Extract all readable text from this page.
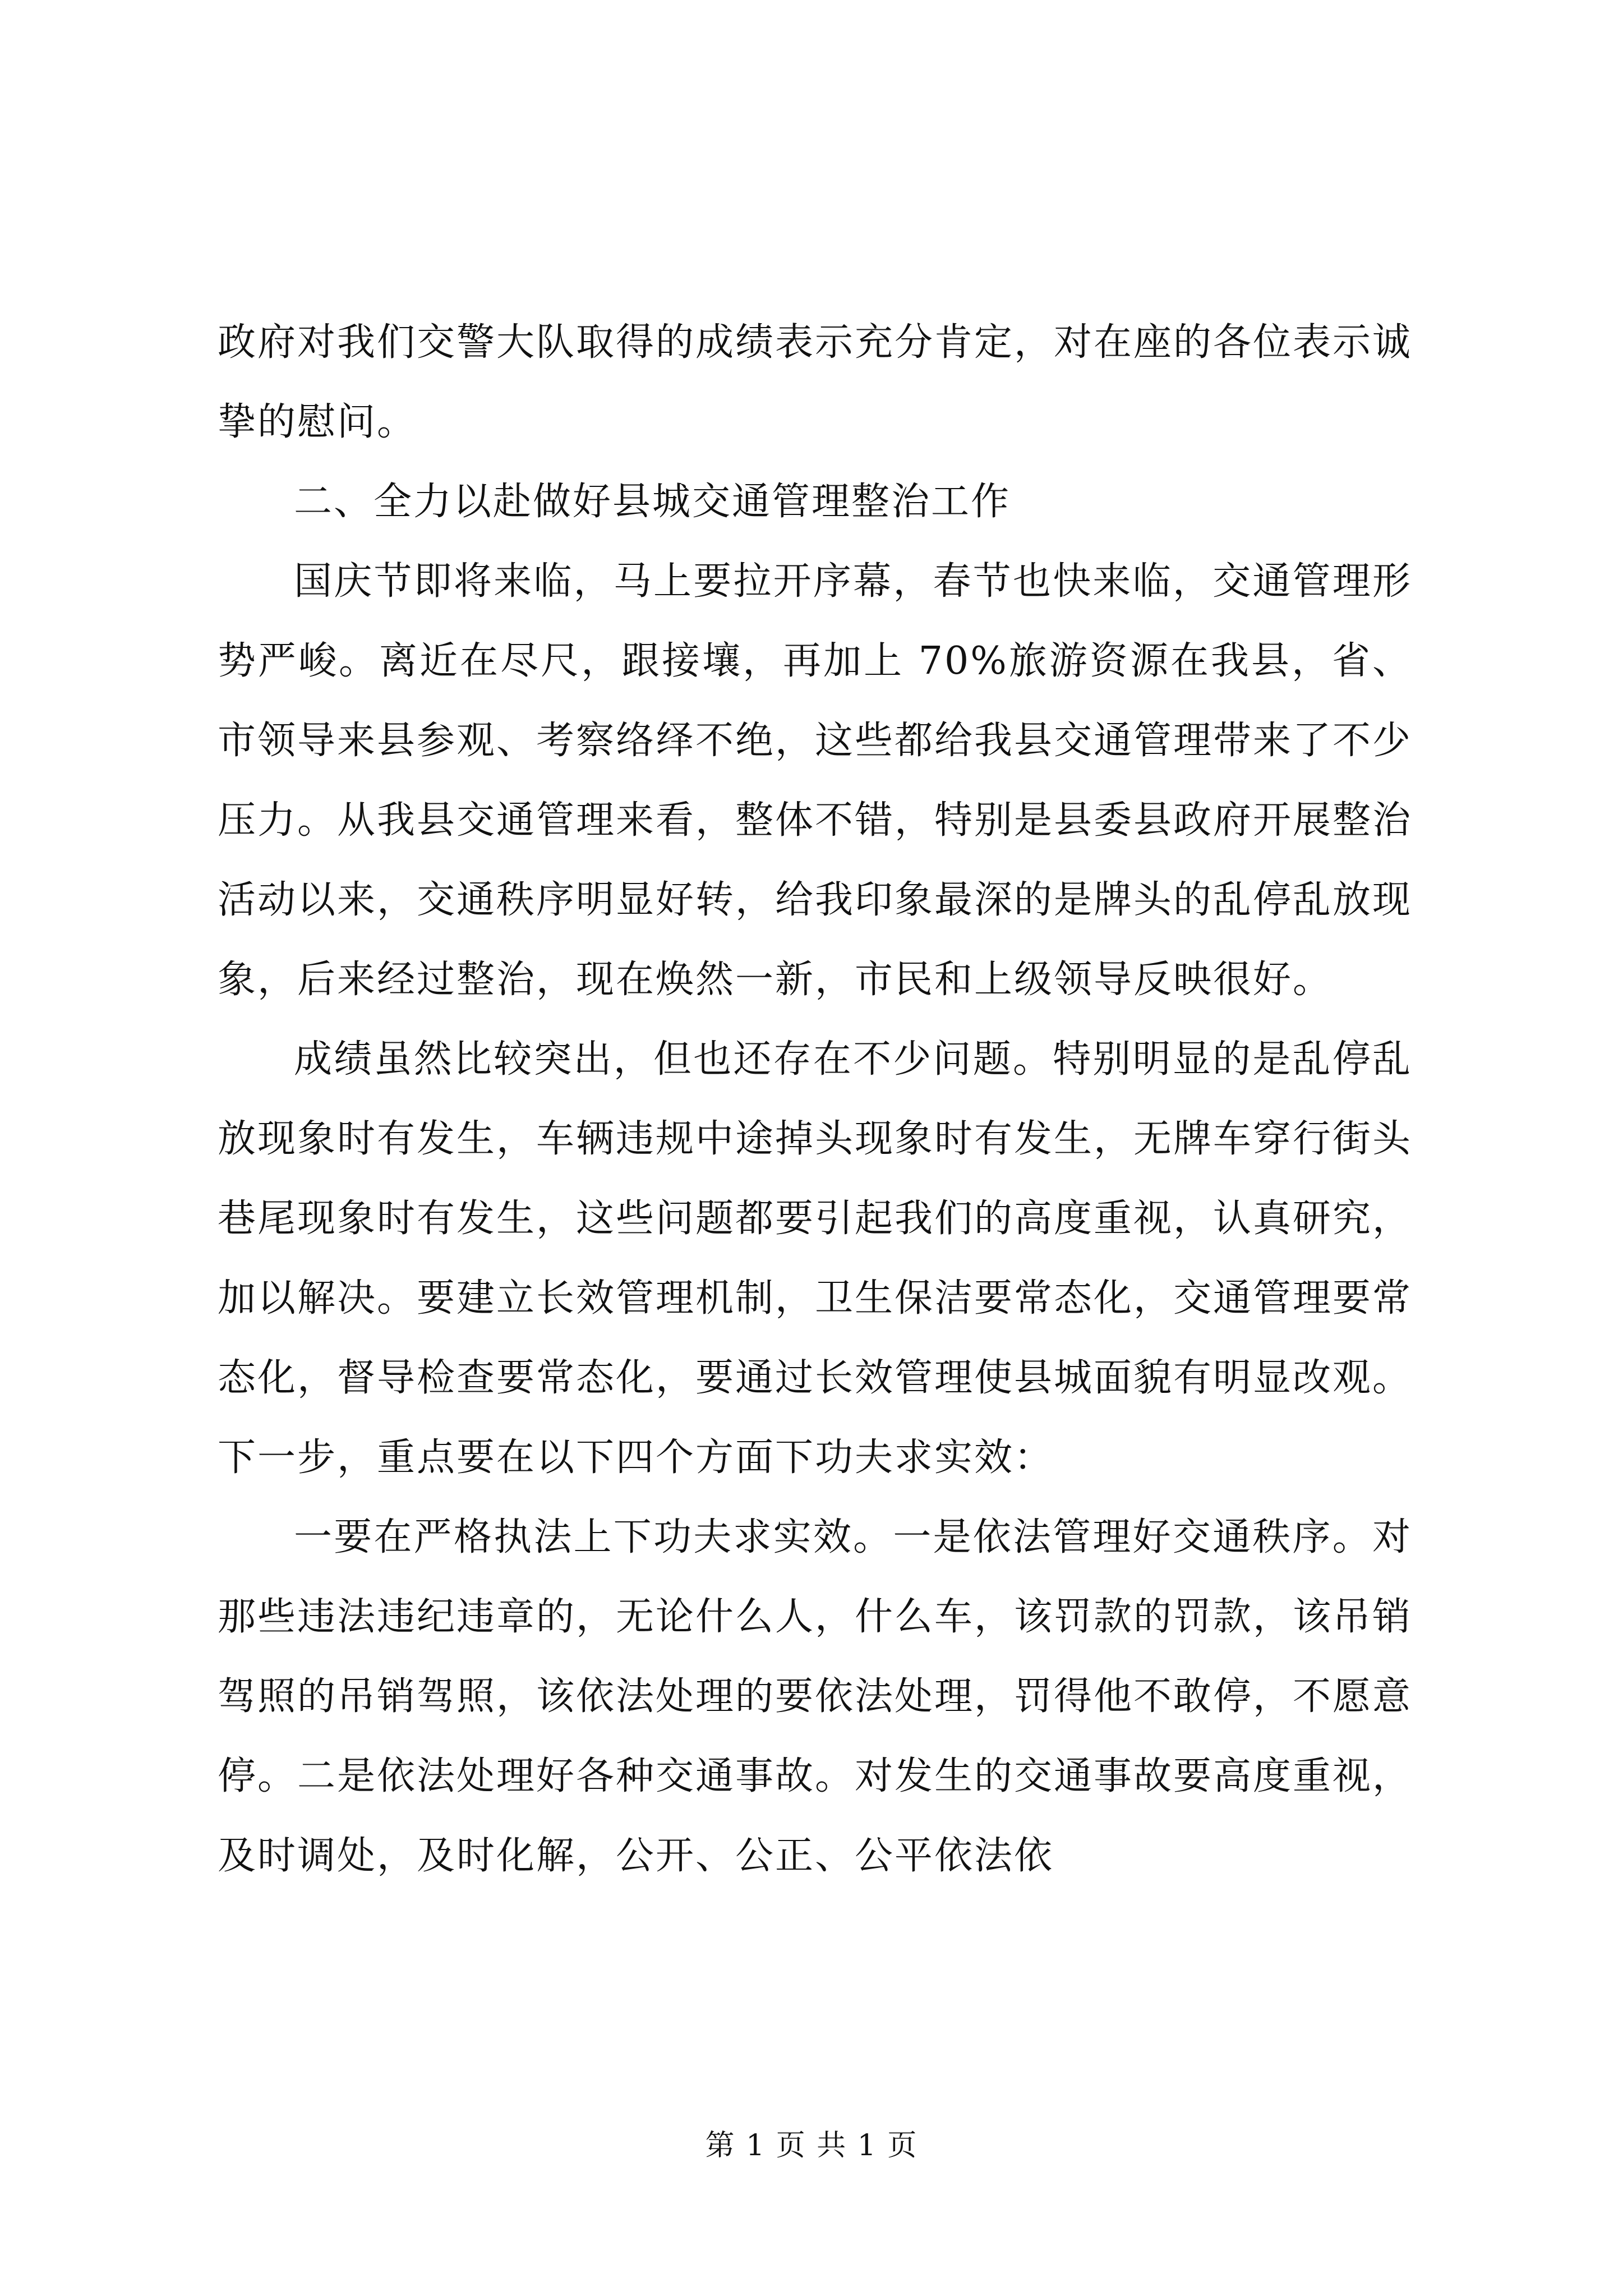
政府对我们交警大队取得的成绩表示充分肯定，对在座的各位表示诚挚的慰问。

二、全力以赴做好县城交通管理整治工作

国庆节即将来临，马上要拉开序幕，春节也快来临，交通管理形势严峻。离近在尽尺，跟接壤，再加上 70%旅游资源在我县，省、市领导来县参观、考察络绎不绝，这些都给我县交通管理带来了不少压力。从我县交通管理来看，整体不错，特别是县委县政府开展整治活动以来，交通秩序明显好转，给我印象最深的是牌头的乱停乱放现象，后来经过整治，现在焕然一新，市民和上级领导反映很好。

成绩虽然比较突出，但也还存在不少问题。特别明显的是乱停乱放现象时有发生，车辆违规中途掉头现象时有发生，无牌车穿行街头巷尾现象时有发生，这些问题都要引起我们的高度重视，认真研究，加以解决。要建立长效管理机制，卫生保洁要常态化，交通管理要常态化，督导检查要常态化，要通过长效管理使县城面貌有明显改观。下一步，重点要在以下四个方面下功夫求实效：

一要在严格执法上下功夫求实效。一是依法管理好交通秩序。对那些违法违纪违章的，无论什么人，什么车，该罚款的罚款，该吊销驾照的吊销驾照，该依法处理的要依法处理，罚得他不敢停，不愿意停。二是依法处理好各种交通事故。对发生的交通事故要高度重视，及时调处，及时化解，公开、公正、公平依法依

第 1 页 共 1 页
